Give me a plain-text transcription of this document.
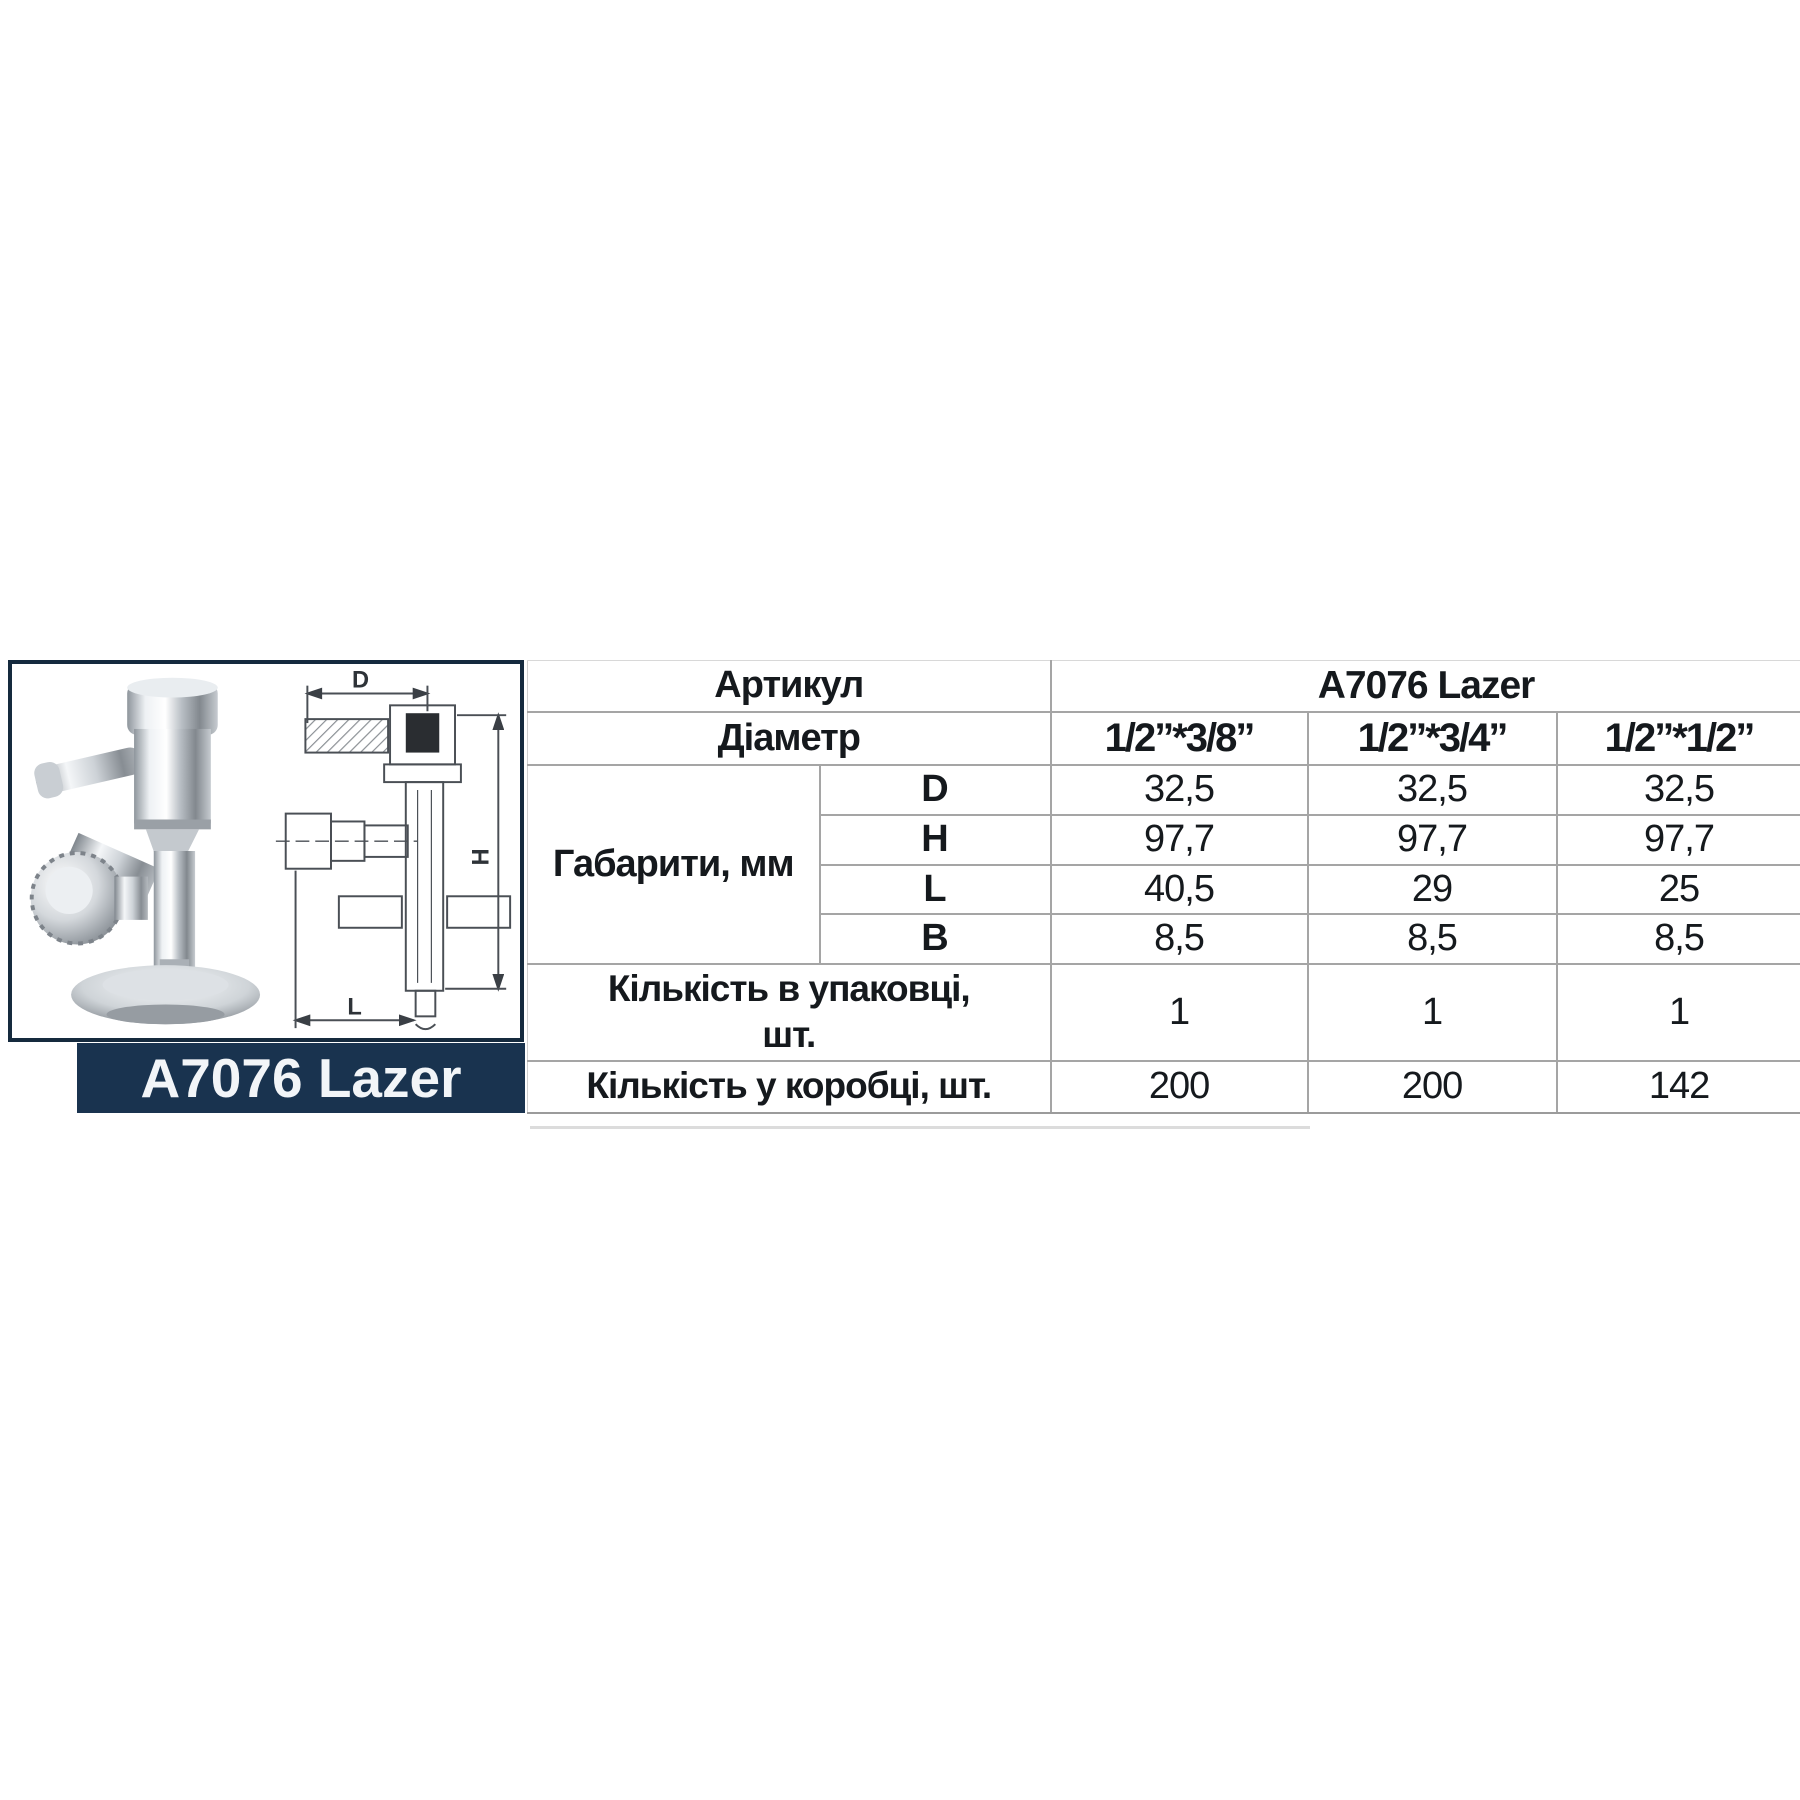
D
H
L
A7076 Lazer
Артикул		A7076 Lazer		
Діаметр		1/2”*3/8”	1/2”*3/4”	1/2”*1/2”
Габарити, мм	D	32,5	32,5	32,5
	H	97,7	97,7	97,7
	L	40,5	29	25
	B	8,5	8,5	8,5
Кількість в упаковці, шт.		1	1	1
Кількість у коробці, шт.		200	200	142
